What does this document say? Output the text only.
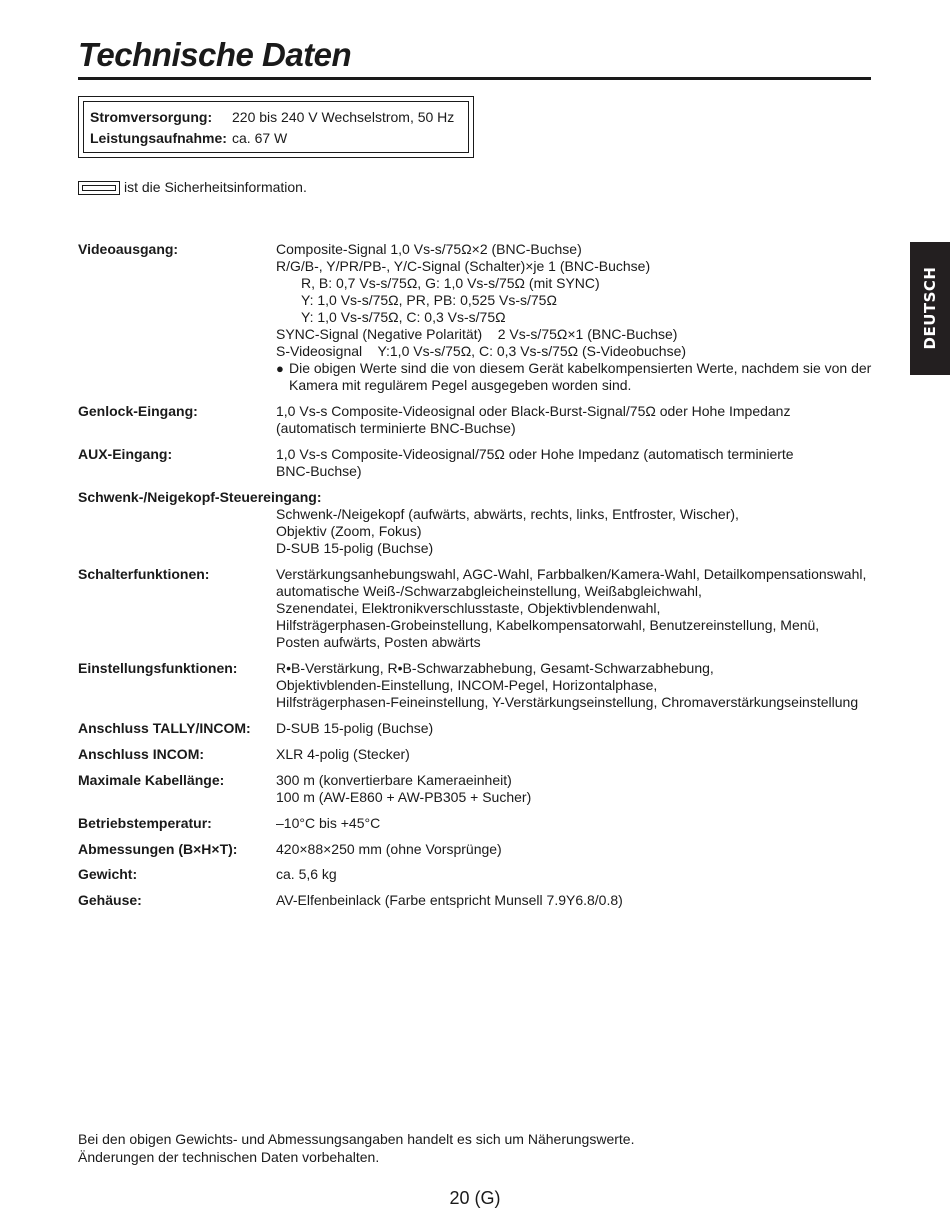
Technische Daten
Stromversorgung: 220 bis 240 V Wechselstrom, 50 Hz
Leistungsaufnahme: ca. 67 W
ist die Sicherheitsinformation.
DEUTSCH
Videoausgang:	Composite-Signal 1,0 Vs-s/75Ω×2 (BNC-Buchse)
R/G/B-, Y/PR/PB-, Y/C-Signal (Schalter)×je 1 (BNC-Buchse)
R, B: 0,7 Vs-s/75Ω, G: 1,0 Vs-s/75Ω (mit SYNC)
Y: 1,0 Vs-s/75Ω, PR, PB: 0,525 Vs-s/75Ω
Y: 1,0 Vs-s/75Ω, C: 0,3 Vs-s/75Ω
SYNC-Signal (Negative Polarität)    2 Vs-s/75Ω×1 (BNC-Buchse)
S-Videosignal    Y:1,0 Vs-s/75Ω, C: 0,3 Vs-s/75Ω (S-Videobuchse)
● Die obigen Werte sind die von diesem Gerät kabelkompensierten Werte, nachdem sie von der
Kamera mit regulärem Pegel ausgegeben worden sind.
Genlock-Eingang:	1,0 Vs-s Composite-Videosignal oder Black-Burst-Signal/75Ω oder Hohe Impedanz
(automatisch terminierte BNC-Buchse)
AUX-Eingang:	1,0 Vs-s Composite-Videosignal/75Ω oder Hohe Impedanz (automatisch terminierte
BNC-Buchse)
Schwenk-/Neigekopf-Steuereingang:
Schwenk-/Neigekopf (aufwärts, abwärts, rechts, links, Entfroster, Wischer),
Objektiv (Zoom, Fokus)
D-SUB 15-polig (Buchse)
Schalterfunktionen:	Verstärkungsanhebungswahl, AGC-Wahl, Farbbalken/Kamera-Wahl, Detailkompensationswahl,
automatische Weiß-/Schwarzabgleicheinstellung, Weißabgleichwahl,
Szenendatei, Elektronikverschlusstaste, Objektivblendenwahl,
Hilfsträgerphasen-Grobeinstellung, Kabelkompensatorwahl, Benutzereinstellung, Menü,
Posten aufwärts, Posten abwärts
Einstellungsfunktionen:	R•B-Verstärkung, R•B-Schwarzabhebung, Gesamt-Schwarzabhebung,
Objektivblenden-Einstellung, INCOM-Pegel, Horizontalphase,
Hilfsträgerphasen-Feineinstellung, Y-Verstärkungseinstellung, Chromaverstärkungseinstellung
Anschluss TALLY/INCOM: D-SUB 15-polig (Buchse)
Anschluss INCOM:	XLR 4-polig (Stecker)
Maximale Kabellänge:	300 m (konvertierbare Kameraeinheit)
100 m (AW-E860 + AW-PB305 + Sucher)
Betriebstemperatur:	–10°C bis +45°C
Abmessungen (B×H×T):	420×88×250 mm (ohne Vorsprünge)
Gewicht:	ca. 5,6 kg
Gehäuse:	AV-Elfenbeinlack (Farbe entspricht Munsell 7.9Y6.8/0.8)
Bei den obigen Gewichts- und Abmessungsangaben handelt es sich um Näherungswerte.
Änderungen der technischen Daten vorbehalten.
20 (G)
